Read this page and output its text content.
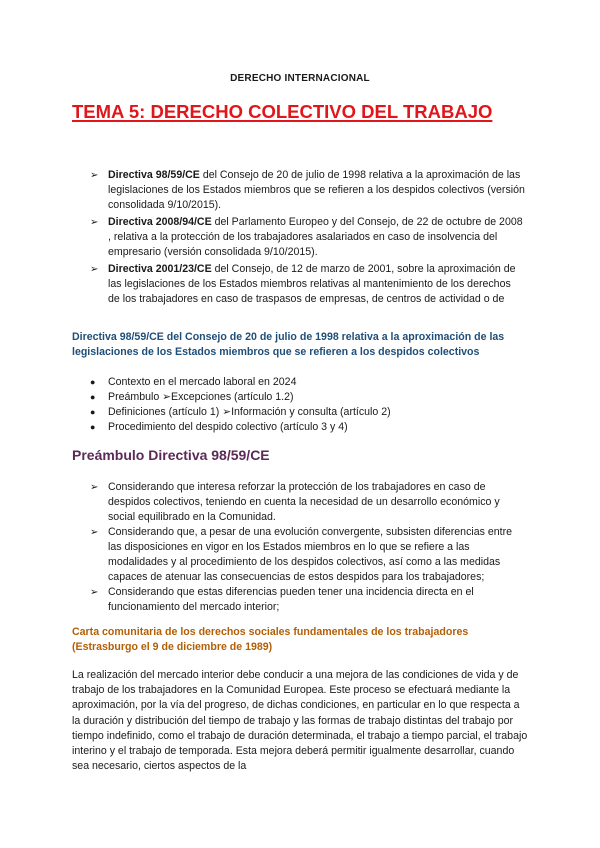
DERECHO INTERNACIONAL
TEMA 5: DERECHO COLECTIVO DEL TRABAJO
➢ Directiva 98/59/CE del Consejo de 20 de julio de 1998 relativa a la aproximación de las legislaciones de los Estados miembros que se refieren a los despidos colectivos (versión consolidada 9/10/2015).
➢ Directiva 2008/94/CE del Parlamento Europeo y del Consejo, de 22 de octubre de 2008 , relativa a la protección de los trabajadores asalariados en caso de insolvencia del empresario (versión consolidada 9/10/2015).
➢ Directiva 2001/23/CE del Consejo, de 12 de marzo de 2001, sobre la aproximación de las legislaciones de los Estados miembros relativas al mantenimiento de los derechos de los trabajadores en caso de traspasos de empresas, de centros de actividad o de
Directiva 98/59/CE del Consejo de 20 de julio de 1998 relativa a la aproximación de las legislaciones de los Estados miembros que se refieren a los despidos colectivos
● Contexto en el mercado laboral en 2024
● Preámbulo ➢Excepciones (artículo 1.2)
● Definiciones (artículo 1) ➢Información y consulta (artículo 2)
● Procedimiento del despido colectivo (artículo 3 y 4)
Preámbulo Directiva 98/59/CE
➢ Considerando que interesa reforzar la protección de los trabajadores en caso de despidos colectivos, teniendo en cuenta la necesidad de un desarrollo económico y social equilibrado en la Comunidad.
➢ Considerando que, a pesar de una evolución convergente, subsisten diferencias entre las disposiciones en vigor en los Estados miembros en lo que se refiere a las modalidades y al procedimiento de los despidos colectivos, así como a las medidas capaces de atenuar las consecuencias de estos despidos para los trabajadores;
➢ Considerando que estas diferencias pueden tener una incidencia directa en el funcionamiento del mercado interior;
Carta comunitaria de los derechos sociales fundamentales de los trabajadores (Estrasburgo el 9 de diciembre de 1989)
La realización del mercado interior debe conducir a una mejora de las condiciones de vida y de trabajo de los trabajadores en la Comunidad Europea. Este proceso se efectuará mediante la aproximación, por la vía del progreso, de dichas condiciones, en particular en lo que respecta a la duración y distribución del tiempo de trabajo y las formas de trabajo distintas del trabajo por tiempo indefinido, como el trabajo de duración determinada, el trabajo a tiempo parcial, el trabajo interino y el trabajo de temporada. Esta mejora deberá permitir igualmente desarrollar, cuando sea necesario, ciertos aspectos de la
